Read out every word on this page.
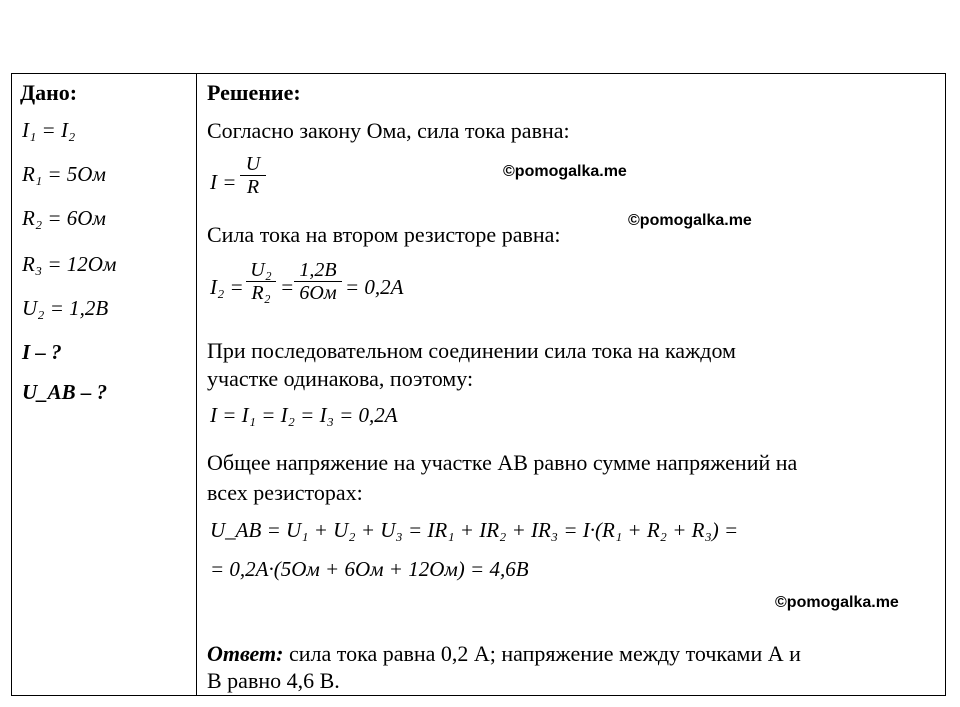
Дано:
I₁ = I₂
R₁ = 5Ом
R₂ = 6Ом
R₃ = 12Ом
U₂ = 1,2В
I – ?
U_AB – ?
Решение:
Согласно закону Ома, сила тока равна:
$I = \frac{U}{R}$
Сила тока на втором резисторе равна:
$I_2 = \frac{\text{U₂}}{\text{R₂}}$ =
1,2В
6Ом = 0,2А
При последовательном соединении сила тока на каждом
участке одинакова, поэтому:
I = I₁ = I₂ = I₃ = 0,2А
Общее напряжение на участке АВ равно сумме напряжений на
всех резисторах:
U_AB = U₁ + U₂ + U₃ = IR₁ + IR₂ + IR₃ = I·(R₁ + R₂ + R₃) =
= 0,2А·(5Ом + 6Ом + 12Ом) = 4,6В
Ответ: сила тока равна 0,2 А; напряжение между точками А и
В равно 4,6 В.
©pomogalka.me
©pomogalka.me
©pomogalka.me
